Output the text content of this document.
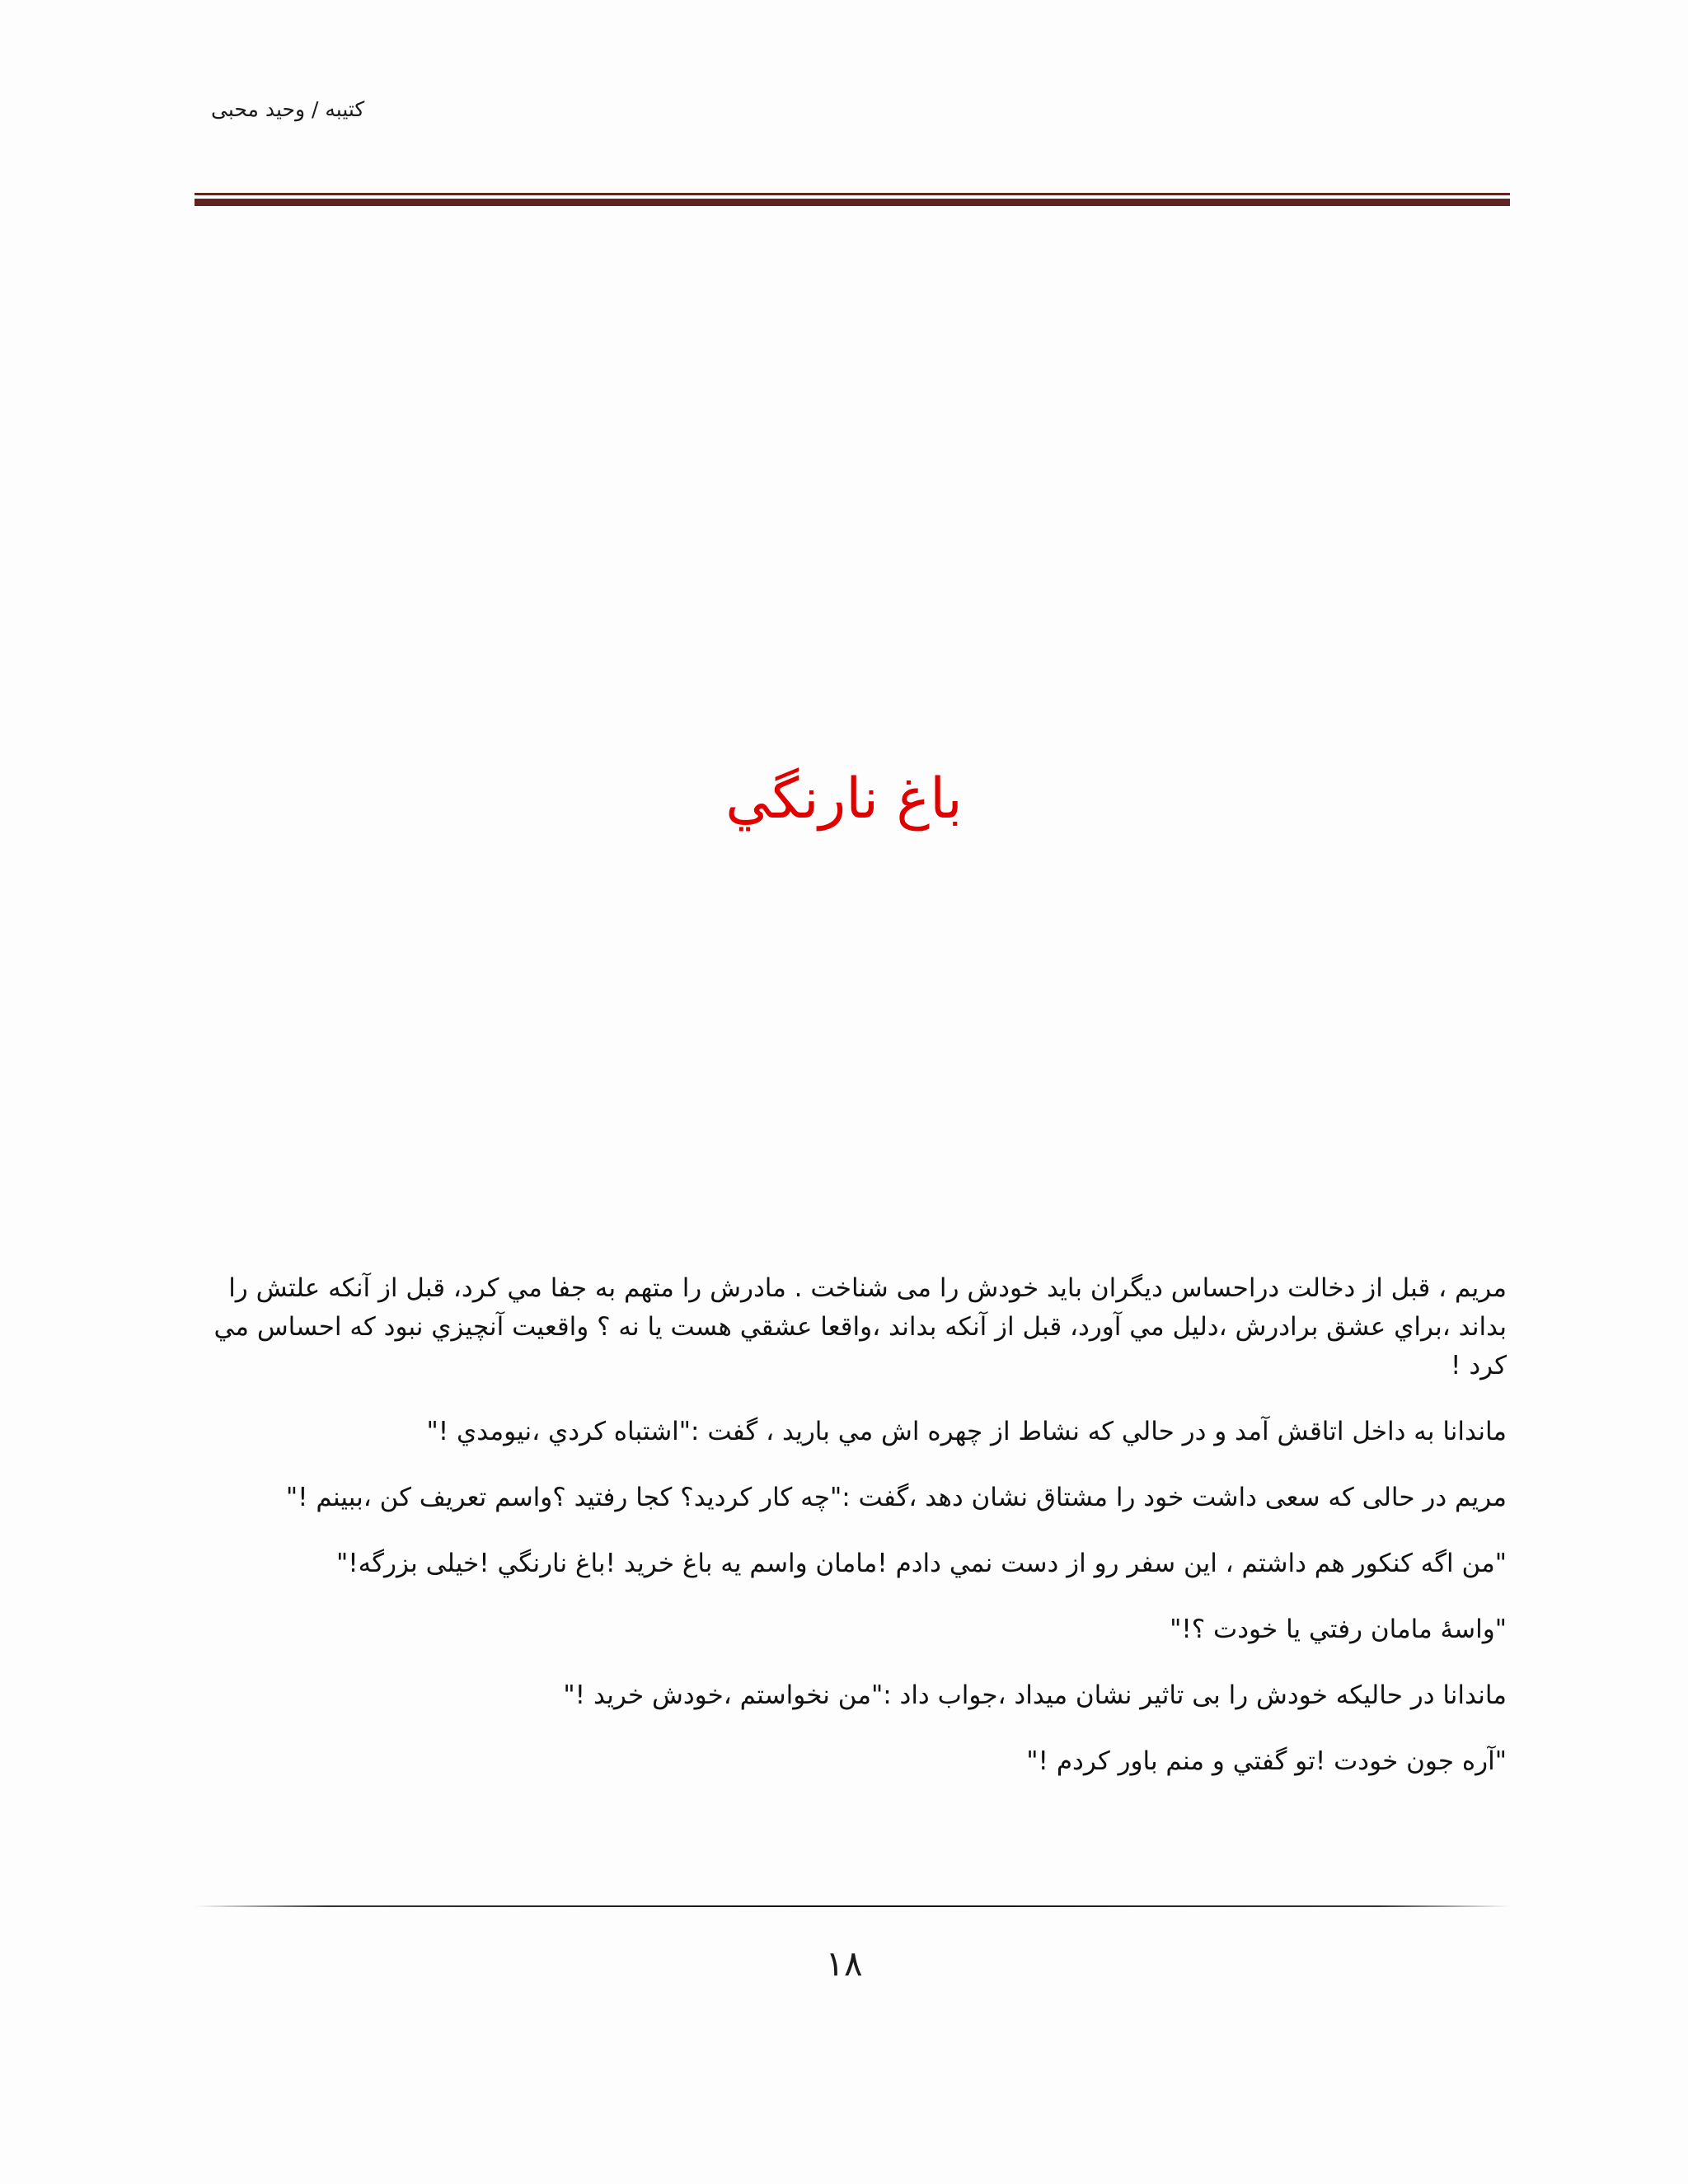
کتیبه / وحید محبی
باغ نارنگي

مريم ، قبل از دخالت دراحساس ديگران بايد خودش را می شناخت . مادرش را متهم به جفا مي كرد، قبل از آنكه علتش را بداند ،براي عشق برادرش ،دليل مي آورد، قبل از آنكه بداند ،واقعا عشقي هست يا نه ؟ واقعيت آنچيزي نبود كه احساس مي كرد !

ماندانا به داخل اتاقش آمد و در حالي كه نشاط از چهره اش مي باريد ، گفت :"اشتباه كردي ،نيومدي !"

مريم در حالی كه سعی داشت خود را مشتاق نشان دهد ،گفت :"چه كار كرديد؟ كجا رفتيد ؟واسم تعريف كن ،ببينم !"

"من اگه كنكور هم داشتم ، اين سفر رو از دست نمي دادم !مامان واسم يه باغ خريد !باغ نارنگي !خيلی بزرگه!"

"واسۀ مامان رفتي يا خودت ؟!"

ماندانا در حاليكه خودش را بی تاثير نشان ميداد ،جواب داد :"من نخواستم ،خودش خريد !"

"آره جون خودت !تو گفتي و منم باور كردم !"

۱۸
